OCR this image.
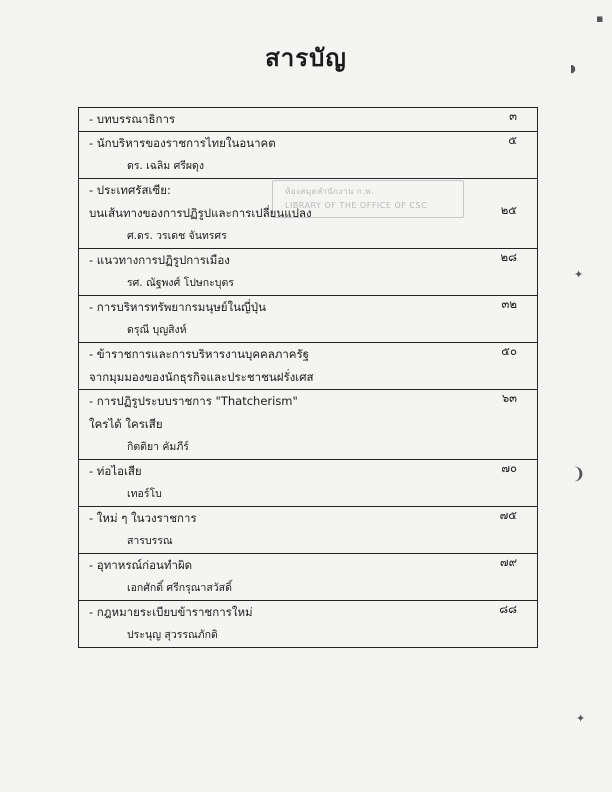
สารบัญ
ห้องสมุดสำนักงาน ก.พ.
LIBRARY OF THE OFFICE OF CSC
- บทบรรณาธิการ	๓
- นักบริหารของราชการไทยในอนาคต
ดร. เฉลิม ศรีผดุง
๕
- ประเทศรัสเซีย:
บนเส้นทางของการปฏิรูปและการเปลี่ยนแปลง
ศ.ดร. วรเดช จันทรศร
๒๕
- แนวทางการปฏิรูปการเมือง
รศ. ณัฐพงศ์ โปษกะบุตร
๒๘
- การบริหารทรัพยากรมนุษย์ในญี่ปุ่น
ดรุณี บุญสิงห์
๓๒
- ข้าราชการและการบริหารงานบุคคลภาครัฐ
จากมุมมองของนักธุรกิจและประชาชนฝรั่งเศส
๕๐
- การปฏิรูประบบราชการ "Thatcherism"
ใครได้ ใครเสีย
กิตติยา คัมภีร์
๖๓
- ท่อไอเสีย
เทอร์โบ
๗๐
- ใหม่ ๆ ในวงราชการ
สารบรรณ
๗๕
- อุทาหรณ์ก่อนทำผิด
เอกศักดิ์ ศรีกรุณาสวัสดิ์
๗๙
- กฎหมายระเบียบข้าราชการใหม่
ประนุญ สุวรรณภักดิ
๘๘
▪
◗
✦
❩
✦
